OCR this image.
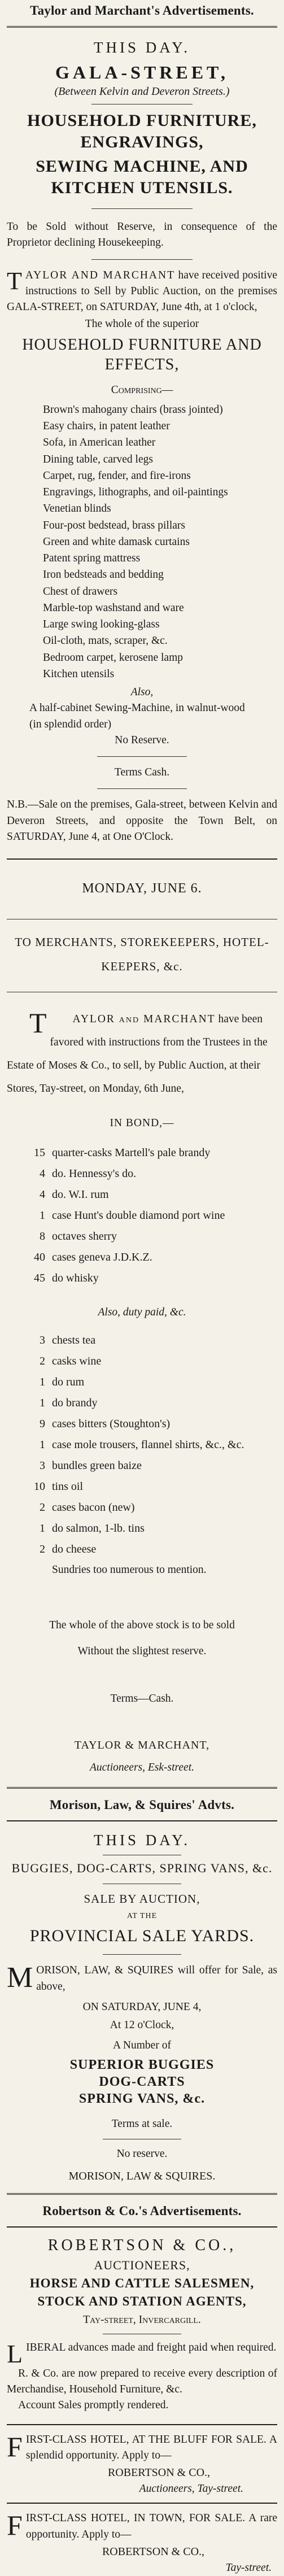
Taylor and Marchant's Advertisements.
THIS DAY.
GALA-STREET,
(Between Kelvin and Deveron Streets.)
HOUSEHOLD FURNITURE, ENGRAVINGS,
SEWING MACHINE, AND KITCHEN UTENSILS.
To be Sold without Reserve, in consequence of the Proprietor declining Housekeeping.
TAYLOR AND MARCHANT have received positive instructions to Sell by Public Auction, on the premises GALA-STREET, on SATURDAY, June 4th, at 1 o'clock,
The whole of the superior
HOUSEHOLD FURNITURE AND EFFECTS,
Comprising—
Brown's mahogany chairs (brass jointed)
Easy chairs, in patent leather
Sofa, in American leather
Dining table, carved legs
Carpet, rug, fender, and fire-irons
Engravings, lithographs, and oil-paintings
Venetian blinds
Four-post bedstead, brass pillars
Green and white damask curtains
Patent spring mattress
Iron bedsteads and bedding
Chest of drawers
Marble-top washstand and ware
Large swing looking-glass
Oil-cloth, mats, scraper, &c.
Bedroom carpet, kerosene lamp
Kitchen utensils
Also,
A half-cabinet Sewing-Machine, in walnut-wood (in splendid order)
No Reserve.
Terms Cash.
N.B.—Sale on the premises, Gala-street, between Kelvin and Deveron Streets, and opposite the Town Belt, on SATURDAY, June 4, at One O'Clock.
MONDAY, JUNE 6.
TO MERCHANTS, STOREKEEPERS, HOTEL-
KEEPERS, &c.
T	AYLOR and MARCHANT have been favored with instructions from the Trustees in the Estate of Moses & Co., to sell, by Public Auction, at their Stores, Tay-street, on Monday, 6th June,
IN BOND,—
15 quarter-casks Martell's pale brandy
4 do. Hennessy's do.
4 do. W.I. rum
1 case Hunt's double diamond port wine
8 octaves sherry
40 cases geneva J.D.K.Z.
45 do whisky
Also, duty paid, &c.
3 chests tea
2 casks wine
1 do rum
1 do brandy
9 cases bitters (Stoughton's)
1 case mole trousers, flannel shirts, &c., &c.
3 bundles green baize
10 tins oil
2 cases bacon (new)
1 do salmon, 1-lb. tins
2 do cheese
Sundries too numerous to mention.
The whole of the above stock is to be sold
Without the slightest reserve.
Terms—Cash.
TAYLOR & MARCHANT,
Auctioneers, Esk-street.
Morison, Law, & Squires' Advts.
THIS DAY.
BUGGIES, DOG-CARTS, SPRING VANS, &c.
SALE BY AUCTION,
AT THE
PROVINCIAL SALE YARDS.
MORISON, LAW, & SQUIRES will offer for Sale, as above,
ON SATURDAY, JUNE 4,
At 12 o'Clock,
A Number of
SUPERIOR BUGGIES
DOG-CARTS
SPRING VANS, &c.
Terms at sale.
No reserve.
MORISON, LAW & SQUIRES.
Robertson & Co.'s Advertisements.
ROBERTSON & CO.,
AUCTIONEERS,
HORSE AND CATTLE SALESMEN,
STOCK AND STATION AGENTS,
Tay-street, Invercargill.
LIBERAL advances made and freight paid when required.
R. & Co. are now prepared to receive every description of Merchandise, Household Furniture, &c.
Account Sales promptly rendered.
FIRST-CLASS HOTEL, AT THE BLUFF FOR SALE. A splendid opportunity. Apply to—
ROBERTSON & CO.,
Auctioneers, Tay-street.
FIRST-CLASS HOTEL, IN TOWN, FOR SALE. A rare opportunity. Apply to—
ROBERTSON & CO.,
Tay-street.
